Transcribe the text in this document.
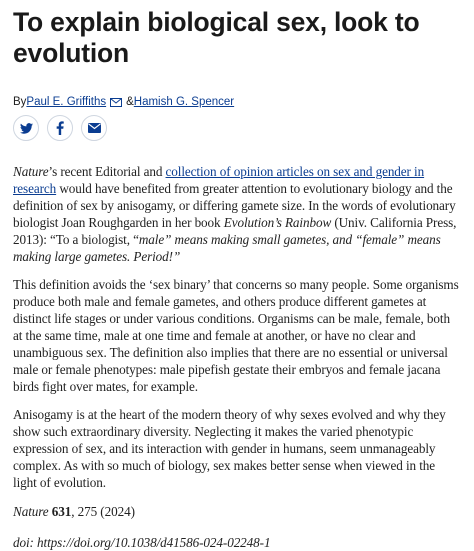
To explain biological sex, look to evolution
By Paul E. Griffiths & Hamish G. Spencer

Nature’s recent Editorial and collection of opinion articles on sex and gender in research would have benefited from greater attention to evolutionary biology and the definition of sex by anisogamy, or differing gamete size. In the words of evolutionary biologist Joan Roughgarden in her book Evolution’s Rainbow (Univ. California Press, 2013): “To a biologist, “male” means making small gametes, and “female” means making large gametes. Period!”

This definition avoids the ‘sex binary’ that concerns so many people. Some organisms produce both male and female gametes, and others produce different gametes at distinct life stages or under various conditions. Organisms can be male, female, both at the same time, male at one time and female at another, or have no clear and unambiguous sex. The definition also implies that there are no essential or universal male or female phenotypes: male pipefish gestate their embryos and female jacana birds fight over mates, for example.

Anisogamy is at the heart of the modern theory of why sexes evolved and why they show such extraordinary diversity. Neglecting it makes the varied phenotypic expression of sex, and its interaction with gender in humans, seem unmanageably complex. As with so much of biology, sex makes better sense when viewed in the light of evolution.

Nature 631, 275 (2024)

doi: https://doi.org/10.1038/d41586-024-02248-1
